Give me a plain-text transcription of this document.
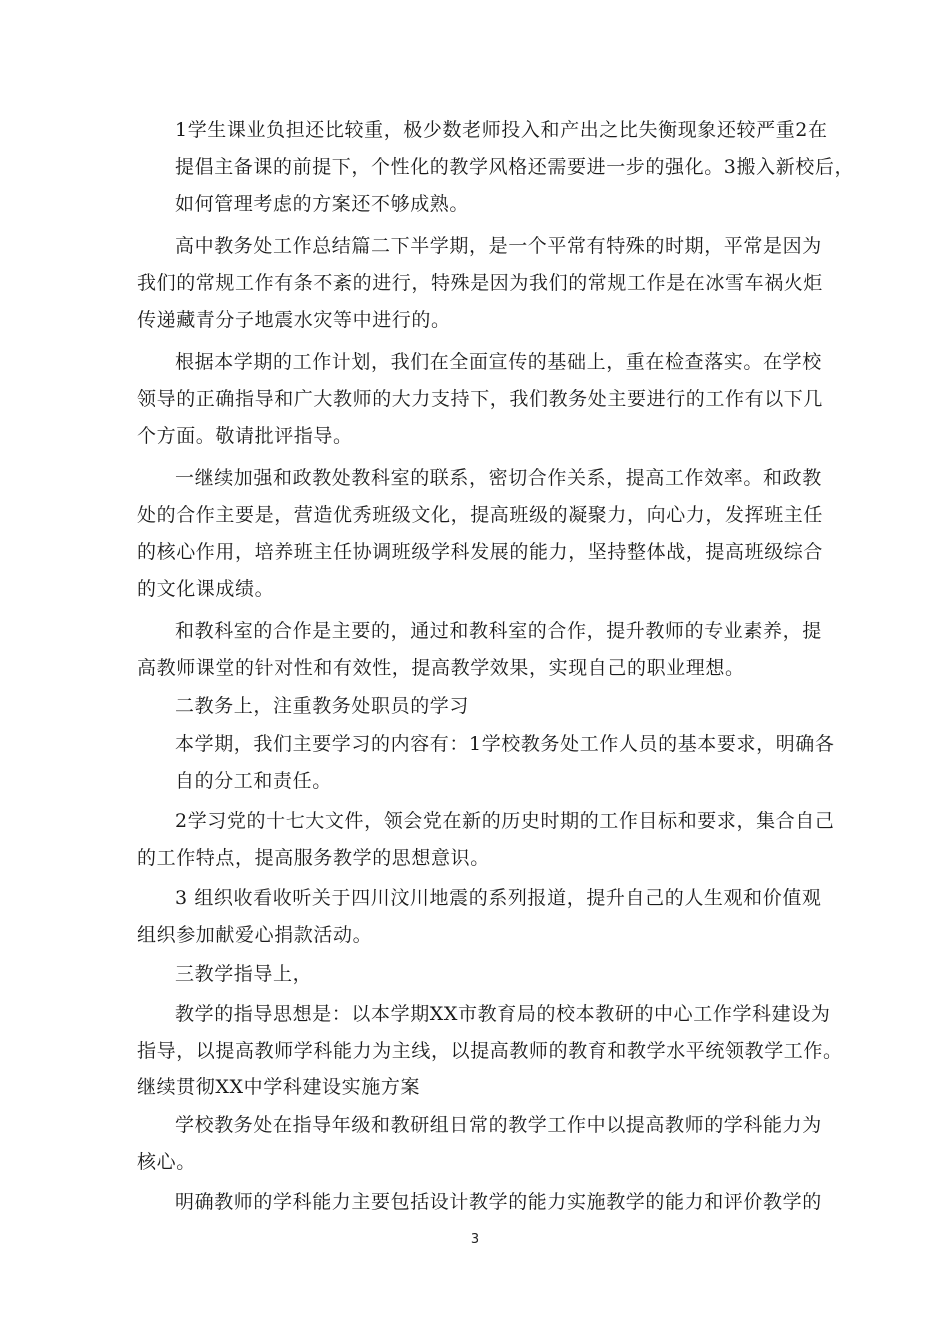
1学生课业负担还比较重，极少数老师投入和产出之比失衡现象还较严重2在
提倡主备课的前提下，个性化的教学风格还需要进一步的强化。3搬入新校后，
如何管理考虑的方案还不够成熟。
高中教务处工作总结篇二下半学期，是一个平常有特殊的时期，平常是因为
我们的常规工作有条不紊的进行，特殊是因为我们的常规工作是在冰雪车祸火炬
传递藏青分子地震水灾等中进行的。
根据本学期的工作计划，我们在全面宣传的基础上，重在检查落实。在学校
领导的正确指导和广大教师的大力支持下，我们教务处主要进行的工作有以下几
个方面。敬请批评指导。
一继续加强和政教处教科室的联系，密切合作关系，提高工作效率。和政教
处的合作主要是，营造优秀班级文化，提高班级的凝聚力，向心力，发挥班主任
的核心作用，培养班主任协调班级学科发展的能力，坚持整体战，提高班级综合
的文化课成绩。
和教科室的合作是主要的，通过和教科室的合作，提升教师的专业素养，提
高教师课堂的针对性和有效性，提高教学效果，实现自己的职业理想。
二教务上，注重教务处职员的学习
本学期，我们主要学习的内容有：1学校教务处工作人员的基本要求，明确各
自的分工和责任。
2学习党的十七大文件，领会党在新的历史时期的工作目标和要求，集合自己
的工作特点，提高服务教学的思想意识。
3 组织收看收听关于四川汶川地震的系列报道，提升自己的人生观和价值观
组织参加献爱心捐款活动。
三教学指导上，
教学的指导思想是：以本学期XX市教育局的校本教研的中心工作学科建设为
指导，以提高教师学科能力为主线，以提高教师的教育和教学水平统领教学工作。
继续贯彻XX中学科建设实施方案
学校教务处在指导年级和教研组日常的教学工作中以提高教师的学科能力为
核心。
明确教师的学科能力主要包括设计教学的能力实施教学的能力和评价教学的
3
